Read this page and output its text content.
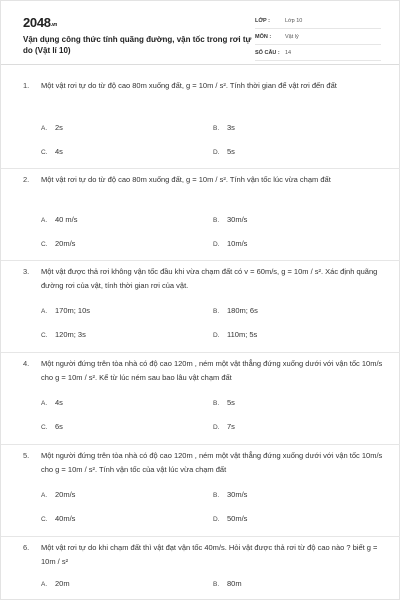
$2048^{.vn}$
Vận dụng công thức tính quãng đường, vận tốc trong rơi tự do (Vật lí 10)
LỚP :	Lớp 10
MÔN :	Vật lý
SỐ CÂU : 14
1. Một vật rơi tự do từ độ cao 80m xuống đất, g = 10m / s². Tính thời gian để vật rơi đến đất
A. 2s	B. 3s
C. 4s	D. 5s
2. Một vật rơi tự do từ độ cao 80m xuống đất, g = 10m / s². Tính vận tốc lúc vừa chạm đất
A. 40 m/s	B. 30m/s
C. 20m/s	D. 10m/s
3. Một vật được thả rơi không vận tốc đầu khi vừa chạm đất có v = 60m/s, g = 10m / s². Xác định quãng đường rơi của vật, tính thời gian rơi của vật.
A. 170m; 10s	B. 180m; 6s
C. 120m; 3s	D. 110m; 5s
4. Một người đứng trên tòa nhà có độ cao 120m , ném một vật thẳng đứng xuống dưới với vận tốc 10m/s cho g = 10m / s². Kể từ lúc ném sau bao lâu vật chạm đất
A. 4s	B. 5s
C. 6s	D. 7s
5. Một người đứng trên tòa nhà có độ cao 120m , ném một vật thẳng đứng xuống dưới với vận tốc 10m/s cho g = 10m / s². Tính vận tốc của vật lúc vừa chạm đất
A. 20m/s	B. 30m/s
C. 40m/s	D. 50m/s
6. Một vật rơi tự do khi chạm đất thì vật đạt vận tốc 40m/s. Hỏi vật được thả rơi từ độ cao nào ? biết g = 10m / s²
A. 20m	B. 80m
